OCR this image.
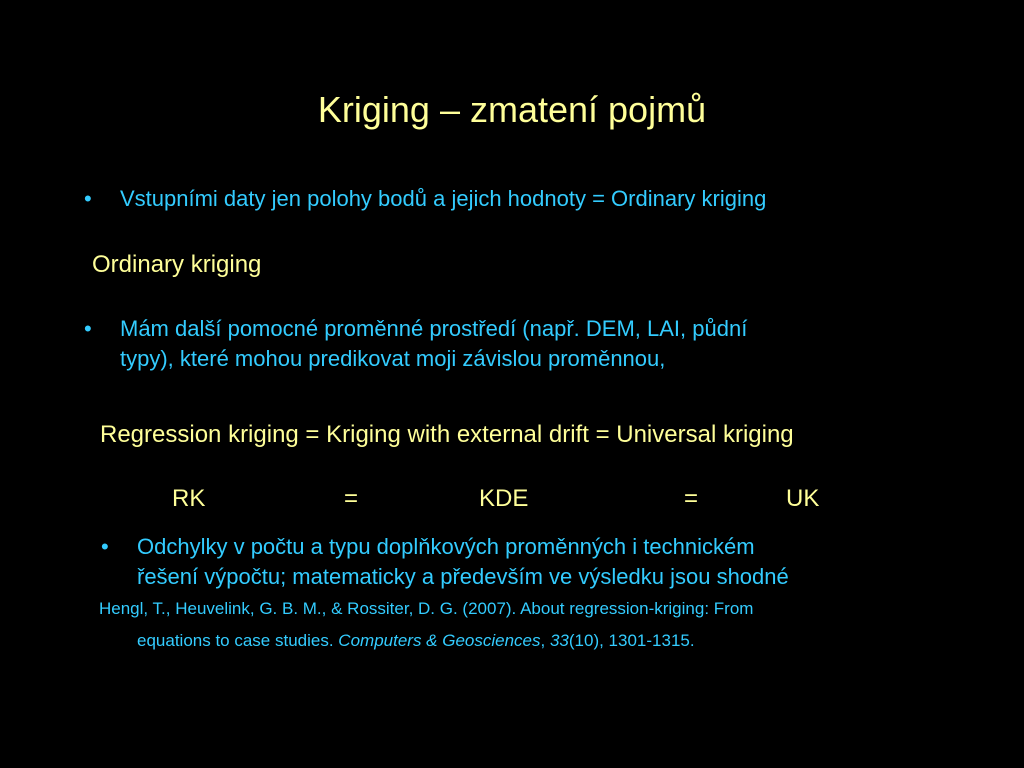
Kriging – zmatení pojmů
•	Vstupními daty jen polohy bodů a jejich hodnoty = Ordinary kriging
Ordinary kriging
•	Mám další pomocné proměnné prostředí (např. DEM, LAI, půdní
typy), které mohou predikovat moji závislou proměnnou,
Regression kriging = Kriging with external drift = Universal kriging
RK	=	KDE	=	UK
•	Odchylky v počtu a typu doplňkových proměnných i technickém
řešení výpočtu; matematicky a především ve výsledku jsou shodné
Hengl, T., Heuvelink, G. B. M., & Rossiter, D. G. (2007). About regression-kriging: From
equations to case studies. Computers & Geosciences, 33(10), 1301-1315.
